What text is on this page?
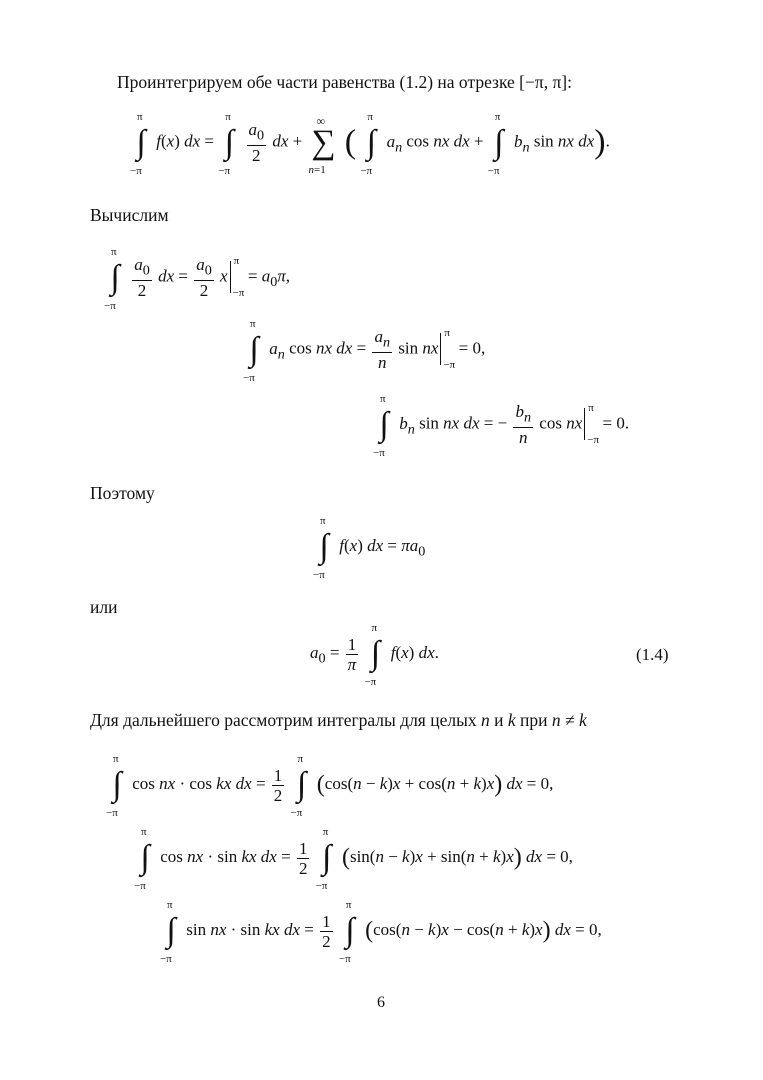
Проинтегрируем обе части равенства (1.2) на отрезке [−π, π]:
π
∫
−π
f(x) dx =
π
∫
−π

$\frac{a_0}{2}$ dx +
∞
∑
n=1
(
π
∫
−π
$a_n$ cos nx dx +
π
∫
−π
$b_n$ sin nx dx).
Вычислим
π
∫
−π

$\frac{a_0}{2}$ dx = $\frac{a_0}{2}$ x
π
−π
= $a_0\pi$,
π
∫
−π
$a_n$ cos nx dx = $\frac{a_n}{n}$ sin nx
π
−π
= 0,
π
∫
−π
$b_n$ sin nx dx = − $\frac{b_n}{n}$ cos nx
π
−π
= 0.
Поэтому
π
∫
−π
f(x) dx = $\pi a_0$
или
$a_0 = \frac{1}{\pi}$

π
∫
−π
f(x) dx.	(1.4)
Для дальнейшего рассмотрим интегралы для целых n и k при n ≠ k
π
∫
−π
cos nx · cos kx dx = $\frac{1}{2}$

π
∫
−π
(cos(n − k)x + cos(n + k)x) dx = 0,
π
∫
−π
cos nx · sin kx dx = $\frac{1}{2}$

π
∫
−π
(sin(n − k)x + sin(n + k)x) dx = 0,
π
∫
−π
sin nx · sin kx dx = $\frac{1}{2}$

π
∫
−π
(cos(n − k)x − cos(n + k)x) dx = 0,
6
